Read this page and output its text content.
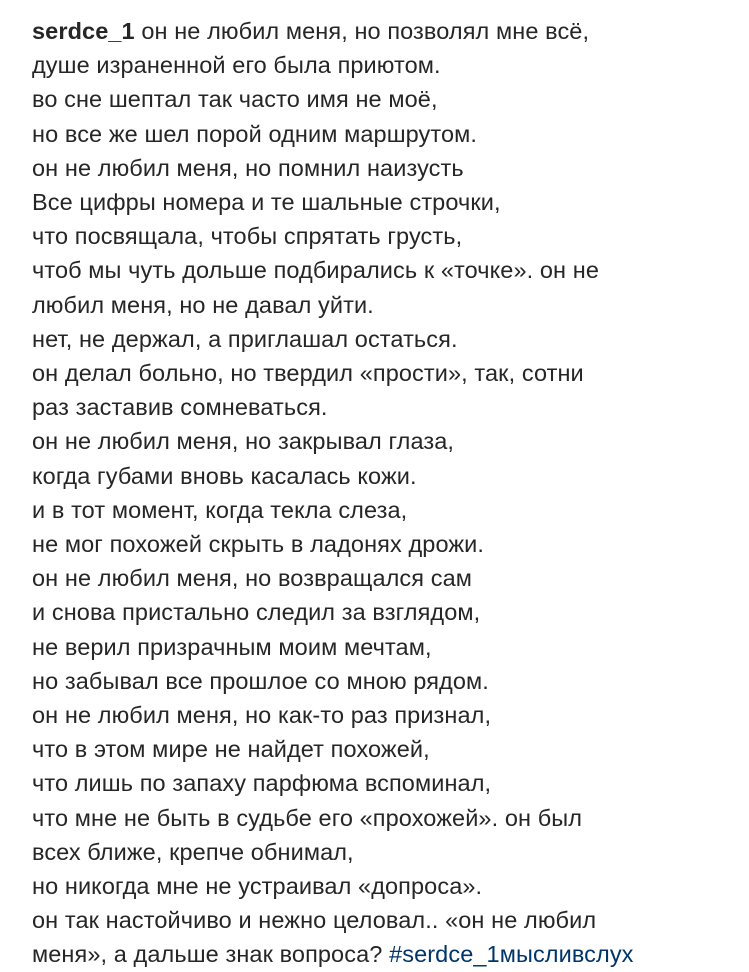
serdce_1 он не любил меня, но позволял мне всё,
душе израненной его была приютом.
во сне шептал так часто имя не моё,
но все же шел порой одним маршрутом.
он не любил меня, но помнил наизусть
Все цифры номера и те шальные строчки,
что посвящала, чтобы спрятать грусть,
чтоб мы чуть дольше подбирались к «точке». он не
любил меня, но не давал уйти.
нет, не держал, а приглашал остаться.
он делал больно, но твердил «прости», так, сотни
раз заставив сомневаться.
он не любил меня, но закрывал глаза,
когда губами вновь касалась кожи.
и в тот момент, когда текла слеза,
не мог похожей скрыть в ладонях дрожи.
он не любил меня, но возвращался сам
и снова пристально следил за взглядом,
не верил призрачным моим мечтам,
но забывал все прошлое со мною рядом.
он не любил меня, но как-то раз признал,
что в этом мире не найдет похожей,
что лишь по запаху парфюма вспоминал,
что мне не быть в судьбе его «прохожей». он был
всех ближе, крепче обнимал,
но никогда мне не устраивал «допроса».
он так настойчиво и нежно целовал.. «он не любил
меня», а дальше знак вопроса? #serdce_1мысливслух
